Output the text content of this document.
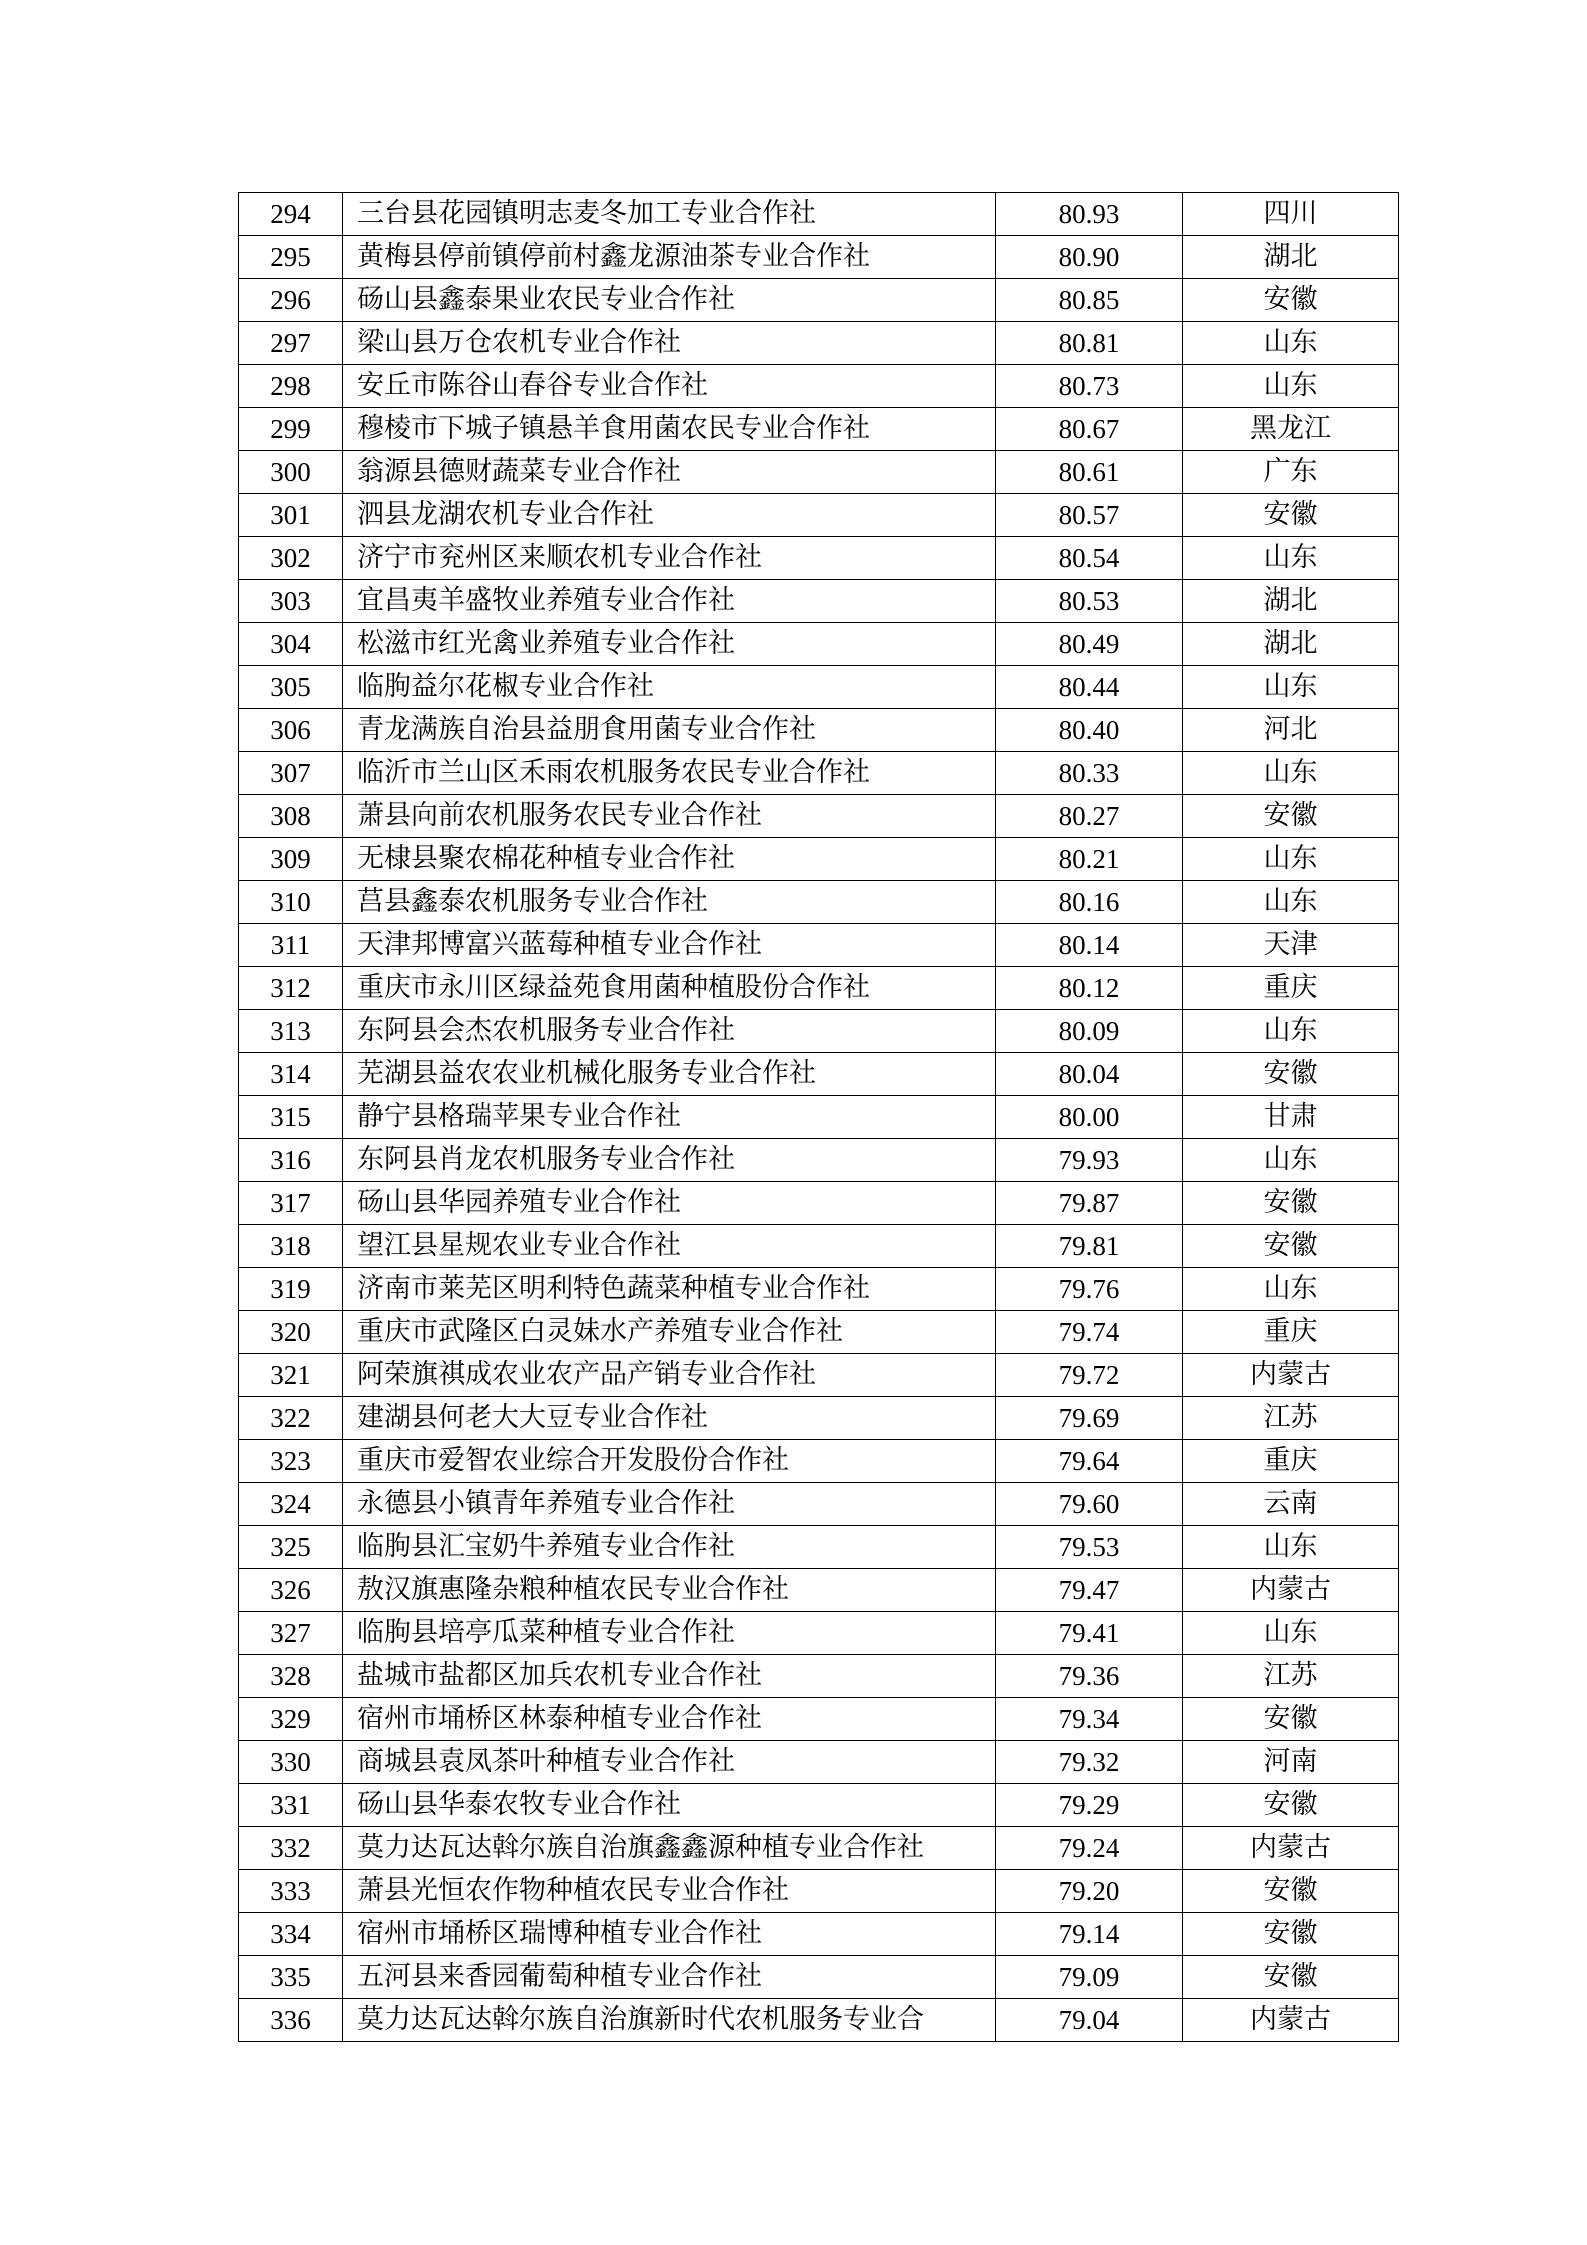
294	三台县花园镇明志麦冬加工专业合作社	80.93	四川
295	黄梅县停前镇停前村鑫龙源油茶专业合作社	80.90	湖北
296	砀山县鑫泰果业农民专业合作社	80.85	安徽
297	梁山县万仓农机专业合作社	80.81	山东
298	安丘市陈谷山春谷专业合作社	80.73	山东
299	穆棱市下城子镇悬羊食用菌农民专业合作社	80.67	黑龙江
300	翁源县德财蔬菜专业合作社	80.61	广东
301	泗县龙湖农机专业合作社	80.57	安徽
302	济宁市兖州区来顺农机专业合作社	80.54	山东
303	宜昌夷羊盛牧业养殖专业合作社	80.53	湖北
304	松滋市红光禽业养殖专业合作社	80.49	湖北
305	临朐益尔花椒专业合作社	80.44	山东
306	青龙满族自治县益朋食用菌专业合作社	80.40	河北
307	临沂市兰山区禾雨农机服务农民专业合作社	80.33	山东
308	萧县向前农机服务农民专业合作社	80.27	安徽
309	无棣县聚农棉花种植专业合作社	80.21	山东
310	莒县鑫泰农机服务专业合作社	80.16	山东
311	天津邦博富兴蓝莓种植专业合作社	80.14	天津
312	重庆市永川区绿益苑食用菌种植股份合作社	80.12	重庆
313	东阿县会杰农机服务专业合作社	80.09	山东
314	芜湖县益农农业机械化服务专业合作社	80.04	安徽
315	静宁县格瑞苹果专业合作社	80.00	甘肃
316	东阿县肖龙农机服务专业合作社	79.93	山东
317	砀山县华园养殖专业合作社	79.87	安徽
318	望江县星规农业专业合作社	79.81	安徽
319	济南市莱芜区明利特色蔬菜种植专业合作社	79.76	山东
320	重庆市武隆区白灵妹水产养殖专业合作社	79.74	重庆
321	阿荣旗祺成农业农产品产销专业合作社	79.72	内蒙古
322	建湖县何老大大豆专业合作社	79.69	江苏
323	重庆市爱智农业综合开发股份合作社	79.64	重庆
324	永德县小镇青年养殖专业合作社	79.60	云南
325	临朐县汇宝奶牛养殖专业合作社	79.53	山东
326	敖汉旗惠隆杂粮种植农民专业合作社	79.47	内蒙古
327	临朐县培亭瓜菜种植专业合作社	79.41	山东
328	盐城市盐都区加兵农机专业合作社	79.36	江苏
329	宿州市埇桥区林泰种植专业合作社	79.34	安徽
330	商城县袁凤茶叶种植专业合作社	79.32	河南
331	砀山县华泰农牧专业合作社	79.29	安徽
332	莫力达瓦达斡尔族自治旗鑫鑫源种植专业合作社	79.24	内蒙古
333	萧县光恒农作物种植农民专业合作社	79.20	安徽
334	宿州市埇桥区瑞博种植专业合作社	79.14	安徽
335	五河县来香园葡萄种植专业合作社	79.09	安徽
336	莫力达瓦达斡尔族自治旗新时代农机服务专业合	79.04	内蒙古
